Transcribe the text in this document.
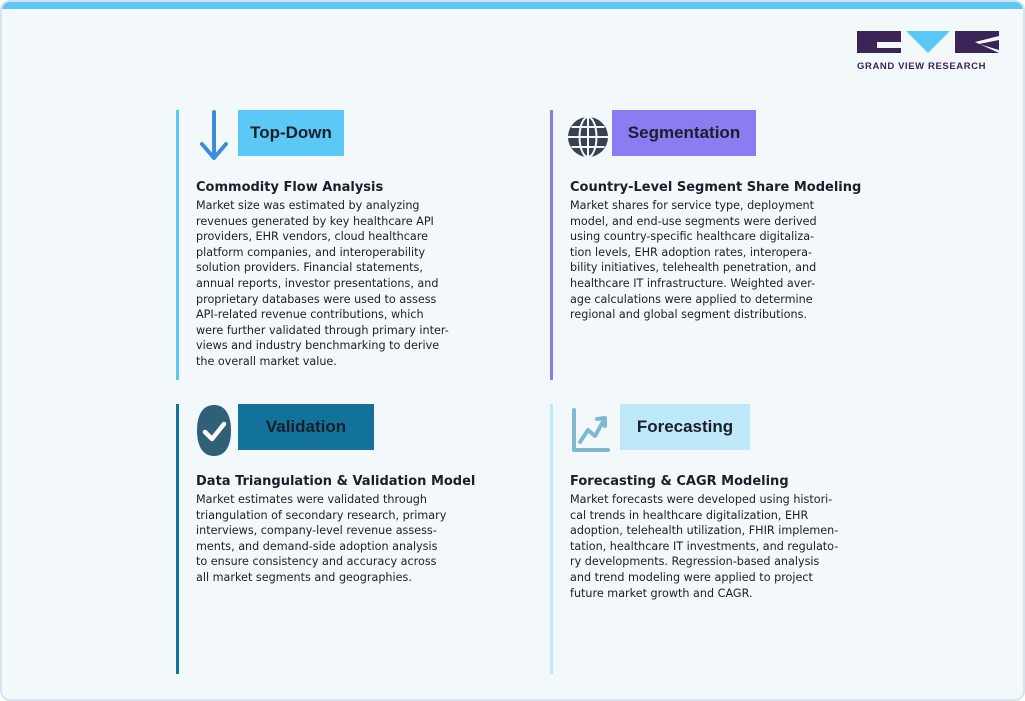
GRAND VIEW RESEARCH
Top-Down
Commodity Flow Analysis

Market size was estimated by analyzing
revenues generated by key healthcare API
providers, EHR vendors, cloud healthcare
platform companies, and interoperability
solution providers. Financial statements,
annual reports, investor presentations, and
proprietary databases were used to assess
API-related revenue contributions, which
were further validated through primary inter-
views and industry benchmarking to derive
the overall market value.

Segmentation
Country-Level Segment Share Modeling

Market shares for service type, deployment
model, and end-use segments were derived
using country-specific healthcare digitaliza-
tion levels, EHR adoption rates, interopera-
bility initiatives, telehealth penetration, and
healthcare IT infrastructure. Weighted aver-
age calculations were applied to determine
regional and global segment distributions.

Validation
Data Triangulation & Validation Model

Market estimates were validated through
triangulation of secondary research, primary
interviews, company-level revenue assess-
ments, and demand-side adoption analysis
to ensure consistency and accuracy across
all market segments and geographies.

Forecasting
Forecasting & CAGR Modeling

Market forecasts were developed using histori-
cal trends in healthcare digitalization, EHR
adoption, telehealth utilization, FHIR implemen-
tation, healthcare IT investments, and regulato-
ry developments. Regression-based analysis
and trend modeling were applied to project
future market growth and CAGR.
